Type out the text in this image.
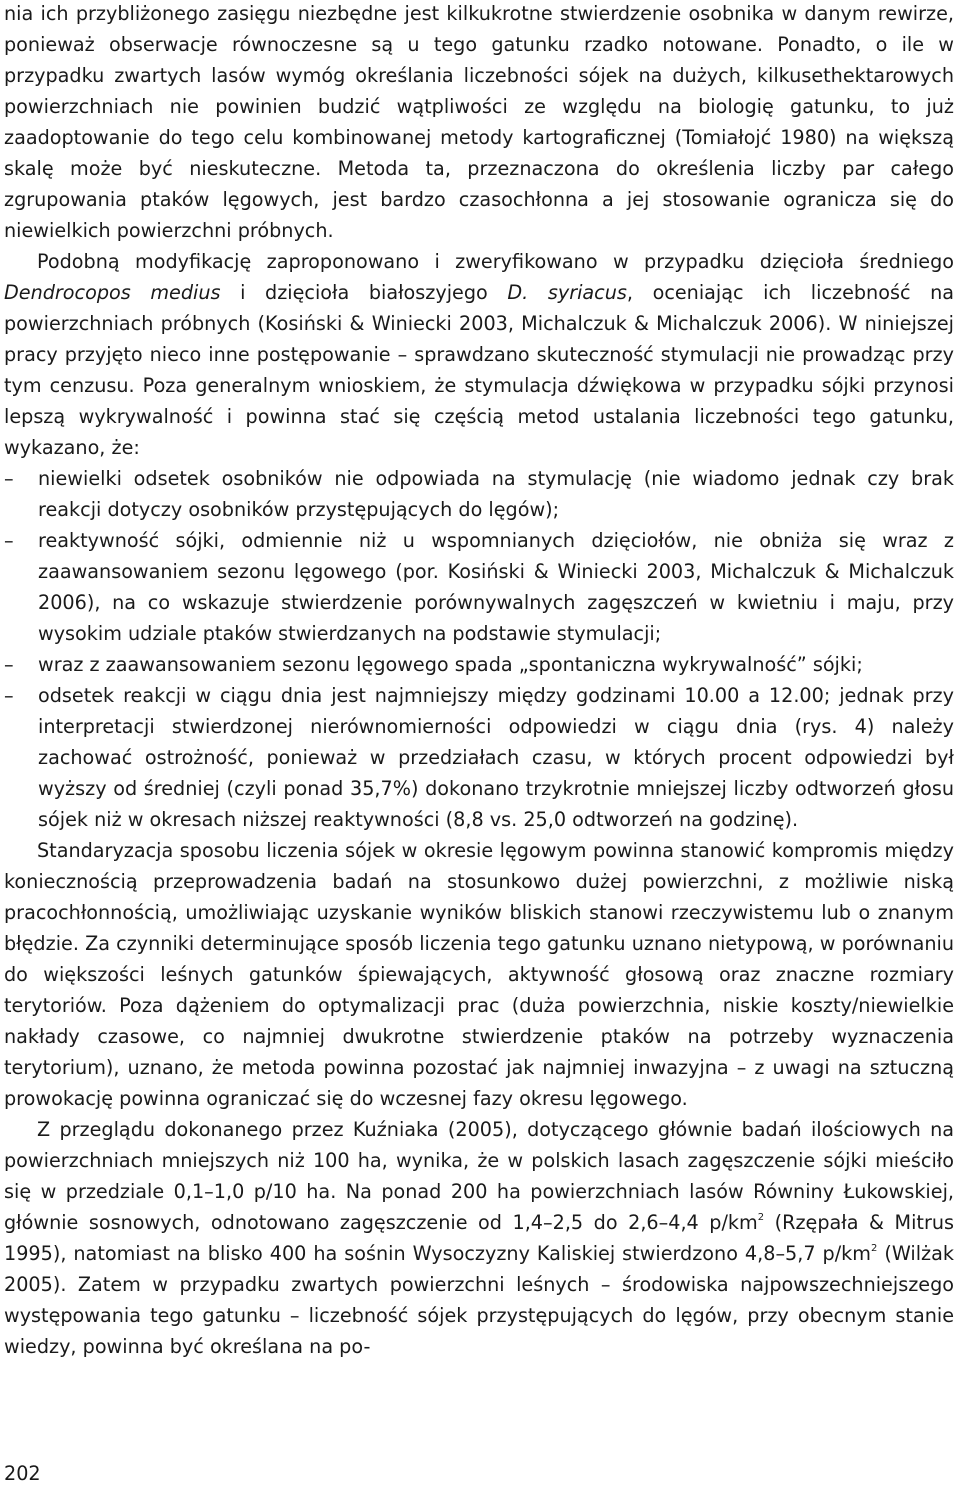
nia ich przybliżonego zasięgu niezbędne jest kilkukrotne stwierdzenie osobnika w danym rewirze, ponieważ obserwacje równoczesne są u tego gatunku rzadko notowane. Ponadto, o ile w przypadku zwartych lasów wymóg określania liczebności sójek na dużych, kilkusethektarowych powierzchniach nie powinien budzić wątpliwości ze względu na biologię gatunku, to już zaadoptowanie do tego celu kombinowanej metody kartograficznej (Tomiałojć 1980) na większą skalę może być nieskuteczne. Metoda ta, przeznaczona do określenia liczby par całego zgrupowania ptaków lęgowych, jest bardzo czasochłonna a jej stosowanie ogranicza się do niewielkich powierzchni próbnych.

Podobną modyfikację zaproponowano i zweryfikowano w przypadku dzięcioła średniego Dendrocopos medius i dzięcioła białoszyjego D. syriacus, oceniając ich liczebność na powierzchniach próbnych (Kosiński & Winiecki 2003, Michalczuk & Michalczuk 2006). W niniejszej pracy przyjęto nieco inne postępowanie – sprawdzano skuteczność stymulacji nie prowadząc przy tym cenzusu. Poza generalnym wnioskiem, że stymulacja dźwiękowa w przypadku sójki przynosi lepszą wykrywalność i powinna stać się częścią metod ustalania liczebności tego gatunku, wykazano, że:

– niewielki odsetek osobników nie odpowiada na stymulację (nie wiadomo jednak czy brak reakcji dotyczy osobników przystępujących do lęgów);
– reaktywność sójki, odmiennie niż u wspomnianych dzięciołów, nie obniża się wraz z zaawansowaniem sezonu lęgowego (por. Kosiński & Winiecki 2003, Michalczuk & Michalczuk 2006), na co wskazuje stwierdzenie porównywalnych zagęszczeń w kwietniu i maju, przy wysokim udziale ptaków stwierdzanych na podstawie stymulacji;
– wraz z zaawansowaniem sezonu lęgowego spada „spontaniczna wykrywalność” sójki;
– odsetek reakcji w ciągu dnia jest najmniejszy między godzinami 10.00 a 12.00; jednak przy interpretacji stwierdzonej nierównomierności odpowiedzi w ciągu dnia (rys. 4) należy zachować ostrożność, ponieważ w przedziałach czasu, w których procent odpowiedzi był wyższy od średniej (czyli ponad 35,7%) dokonano trzykrotnie mniejszej liczby odtworzeń głosu sójek niż w okresach niższej reaktywności (8,8 vs. 25,0 odtworzeń na godzinę).

Standaryzacja sposobu liczenia sójek w okresie lęgowym powinna stanowić kompromis między koniecznością przeprowadzenia badań na stosunkowo dużej powierzchni, z możliwie niską pracochłonnością, umożliwiając uzyskanie wyników bliskich stanowi rzeczywistemu lub o znanym błędzie. Za czynniki determinujące sposób liczenia tego gatunku uznano nietypową, w porównaniu do większości leśnych gatunków śpiewających, aktywność głosową oraz znaczne rozmiary terytoriów. Poza dążeniem do optymalizacji prac (duża powierzchnia, niskie koszty/niewielkie nakłady czasowe, co najmniej dwukrotne stwierdzenie ptaków na potrzeby wyznaczenia terytorium), uznano, że metoda powinna pozostać jak najmniej inwazyjna – z uwagi na sztuczną prowokację powinna ograniczać się do wczesnej fazy okresu lęgowego.

Z przeglądu dokonanego przez Kuźniaka (2005), dotyczącego głównie badań ilościowych na powierzchniach mniejszych niż 100 ha, wynika, że w polskich lasach zagęszczenie sójki mieściło się w przedziale 0,1–1,0 p/10 ha. Na ponad 200 ha powierzchniach lasów Równiny Łukowskiej, głównie sosnowych, odnotowano zagęszczenie od 1,4–2,5 do 2,6–4,4 $p/km^2$ (Rzępała & Mitrus 1995), natomiast na blisko 400 ha sośnin Wysoczyzny Kaliskiej stwierdzono 4,8–5,7 $p/km^2$ (Wilżak 2005). Zatem w przypadku zwartych powierzchni leśnych – środowiska najpowszechniejszego występowania tego gatunku – liczebność sójek przystępujących do lęgów, przy obecnym stanie wiedzy, powinna być określana na po-

202
